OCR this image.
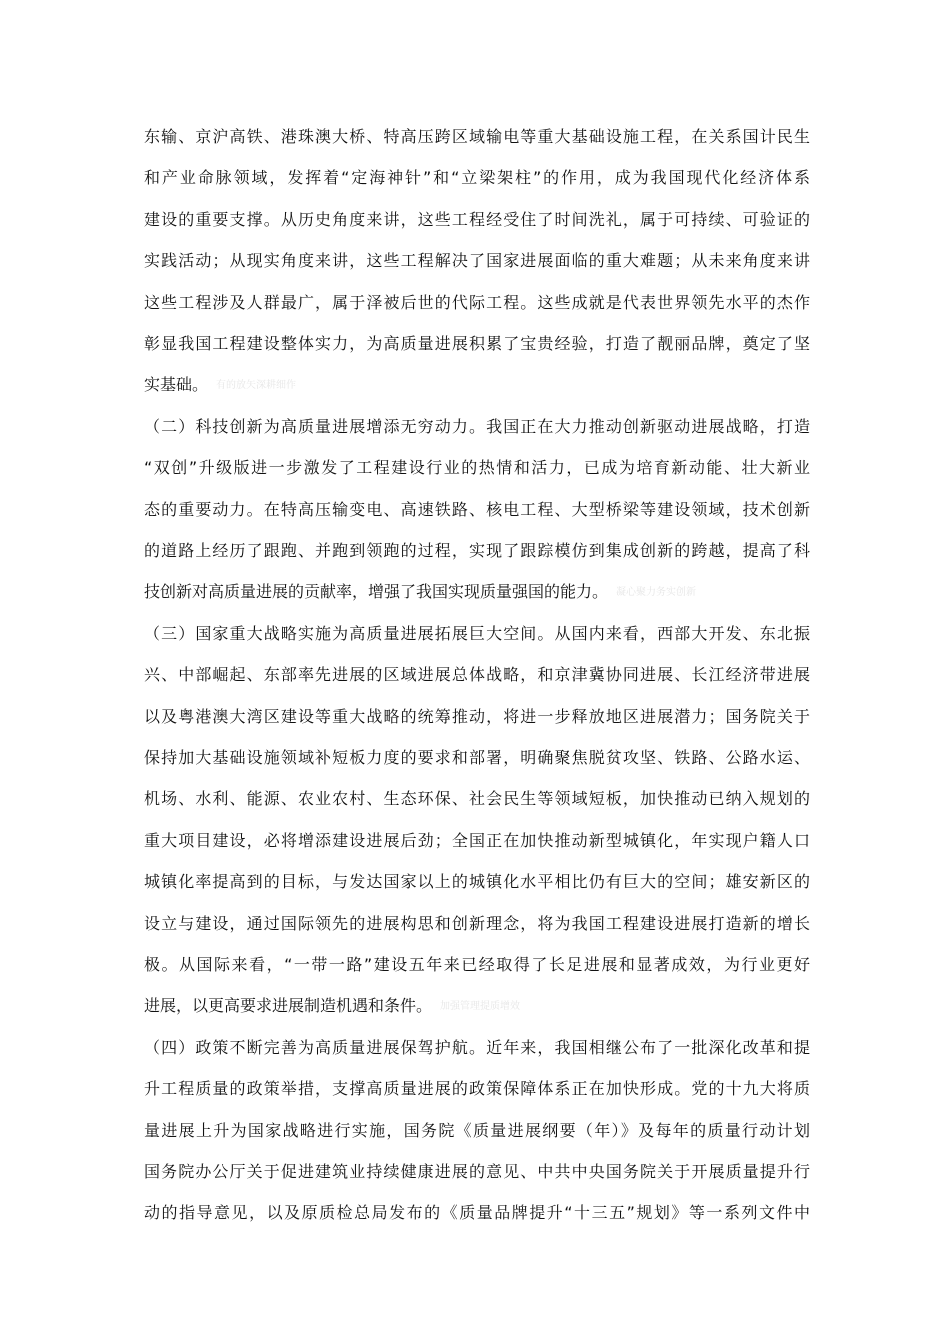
东输、京沪高铁、港珠澳大桥、特高压跨区域输电等重大基础设施工程，在关系国计民生
和产业命脉领域，发挥着“定海神针”和“立梁架柱”的作用，成为我国现代化经济体系
建设的重要支撑。从历史角度来讲，这些工程经受住了时间洗礼，属于可持续、可验证的
实践活动；从现实角度来讲，这些工程解决了国家进展面临的重大难题；从未来角度来讲
这些工程涉及人群最广，属于泽被后世的代际工程。这些成就是代表世界领先水平的杰作
彰显我国工程建设整体实力，为高质量进展积累了宝贵经验，打造了靓丽品牌，奠定了坚
实基础。 有的放矢深耕细作
（二）科技创新为高质量进展增添无穷动力。我国正在大力推动创新驱动进展战略，打造
“双创”升级版进一步激发了工程建设行业的热情和活力，已成为培育新动能、壮大新业
态的重要动力。在特高压输变电、高速铁路、核电工程、大型桥梁等建设领域，技术创新
的道路上经历了跟跑、并跑到领跑的过程，实现了跟踪模仿到集成创新的跨越，提高了科
技创新对高质量进展的贡献率，增强了我国实现质量强国的能力。 凝心聚力务实创新
（三）国家重大战略实施为高质量进展拓展巨大空间。从国内来看，西部大开发、东北振
兴、中部崛起、东部率先进展的区域进展总体战略，和京津冀协同进展、长江经济带进展
以及粤港澳大湾区建设等重大战略的统筹推动，将进一步释放地区进展潜力；国务院关于
保持加大基础设施领域补短板力度的要求和部署，明确聚焦脱贫攻坚、铁路、公路水运、
机场、水利、能源、农业农村、生态环保、社会民生等领域短板，加快推动已纳入规划的
重大项目建设，必将增添建设进展后劲；全国正在加快推动新型城镇化，年实现户籍人口
城镇化率提高到的目标，与发达国家以上的城镇化水平相比仍有巨大的空间；雄安新区的
设立与建设，通过国际领先的进展构思和创新理念，将为我国工程建设进展打造新的增长
极。从国际来看，“一带一路”建设五年来已经取得了长足进展和显著成效，为行业更好
进展，以更高要求进展制造机遇和条件。 加强管理提质增效
（四）政策不断完善为高质量进展保驾护航。近年来，我国相继公布了一批深化改革和提
升工程质量的政策举措，支撑高质量进展的政策保障体系正在加快形成。党的十九大将质
量进展上升为国家战略进行实施，国务院《质量进展纲要（年）》及每年的质量行动计划
国务院办公厅关于促进建筑业持续健康进展的意见、中共中央国务院关于开展质量提升行
动的指导意见，以及原质检总局发布的《质量品牌提升“十三五”规划》等一系列文件中
